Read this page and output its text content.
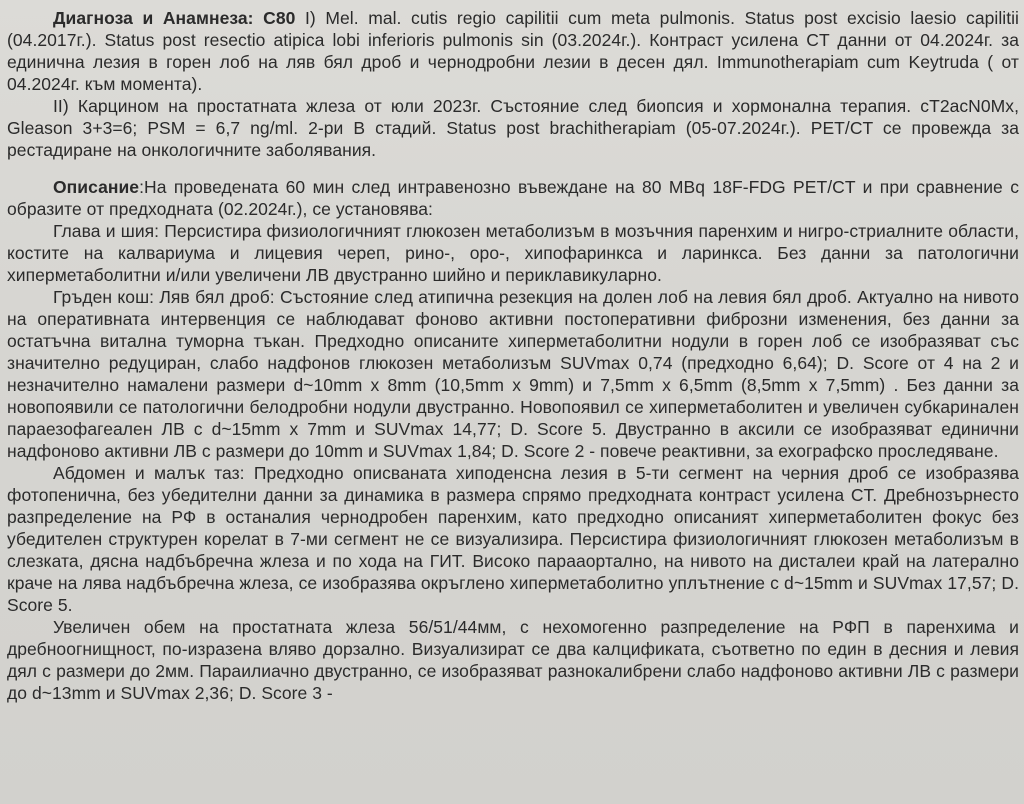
Диагноза и Анамнеза: C80 I) Mel. mal. cutis regio capilitii cum meta pulmonis. Status post excisio laesio capilitii (04.2017г.). Status post resectio atipica lobi inferioris pulmonis sin (03.2024г.). Контраст усилена CT данни от 04.2024г. за единична лезия в горен лоб на ляв бял дроб и чернодробни лезии в десен дял. Immunotherapiam cum Keytruda ( от 04.2024г. към момента).

II) Карцином на простатната жлеза от юли 2023г. Състояние след биопсия и хормонална терапия. cT2acN0Mx, Gleason 3+3=6; PSM = 6,7 ng/ml. 2-ри В стадий. Status post brachitherapiam (05-07.2024г.). PET/CT се провежда за рестадиране на онкологичните заболявания.

Описание:На проведената 60 мин след интравенозно въвеждане на 80 MBq 18F-FDG PET/CT и при сравнение с образите от предходната (02.2024г.), се установява:

Глава и шия: Персистира физиологичният глюкозен метаболизъм в мозъчния паренхим и нигро-стриалните области, костите на калвариума и лицевия череп, рино-, оро-, хипофаринкса и ларинкса. Без данни за патологични хиперметаболитни и/или увеличени ЛВ двустранно шийно и периклавикуларно.

Гръден кош: Ляв бял дроб: Състояние след атипична резекция на долен лоб на левия бял дроб. Актуално на нивото на оперативната интервенция се наблюдават фоново активни постоперативни фиброзни изменения, без данни за остатъчна витална туморна тъкан. Предходно описаните хиперметаболитни нодули в горен лоб се изобразяват със значително редуциран, слабо надфонов глюкозен метаболизъм SUVmax 0,74 (предходно 6,64); D. Score от 4 на 2 и незначително намалени размери d~10mm x 8mm (10,5mm x 9mm) и 7,5mm x 6,5mm (8,5mm x 7,5mm) . Без данни за новопоявили се патологични белодробни нодули двустранно. Новопоявил се хиперметаболитен и увеличен субкаринален параезофагеален ЛВ с d~15mm x 7mm и SUVmax 14,77; D. Score 5. Двустранно в аксили се изобразяват единични надфоново активни ЛВ с размери до 10mm и SUVmax 1,84; D. Score 2 - повече реактивни, за ехографско проследяване.

Абдомен и малък таз: Предходно описваната хиподенсна лезия в 5-ти сегмент на черния дроб се изобразява фотопенична, без убедителни данни за динамика в размера спрямо предходната контраст усилена CT. Дребнозърнесто разпределение на РФ в останалия чернодробен паренхим, като предходно описаният хиперметаболитен фокус без убедителен структурен корелат в 7-ми сегмент не се визуализира. Персистира физиологичният глюкозен метаболизъм в слезката, дясна надбъбречна жлеза и по хода на ГИТ. Високо парааортално, на нивото на дисталеи край на латерално краче на лява надбъбречна жлеза, се изобразява окръглено хиперметаболитно уплътнение с d~15mm и SUVmax 17,57; D. Score 5.

Увеличен обем на простатната жлеза 56/51/44мм, с нехомогенно разпределение на РФП в паренхима и дребноогнищност, по-изразена вляво дорзално. Визуализират се два калцификата, съответно по един в десния и левия дял с размери до 2мм. Параилиачно двустранно, се изобразяват разнокалибрени слабо надфоново активни ЛВ с размери до d~13mm и SUVmax 2,36; D. Score 3 -
